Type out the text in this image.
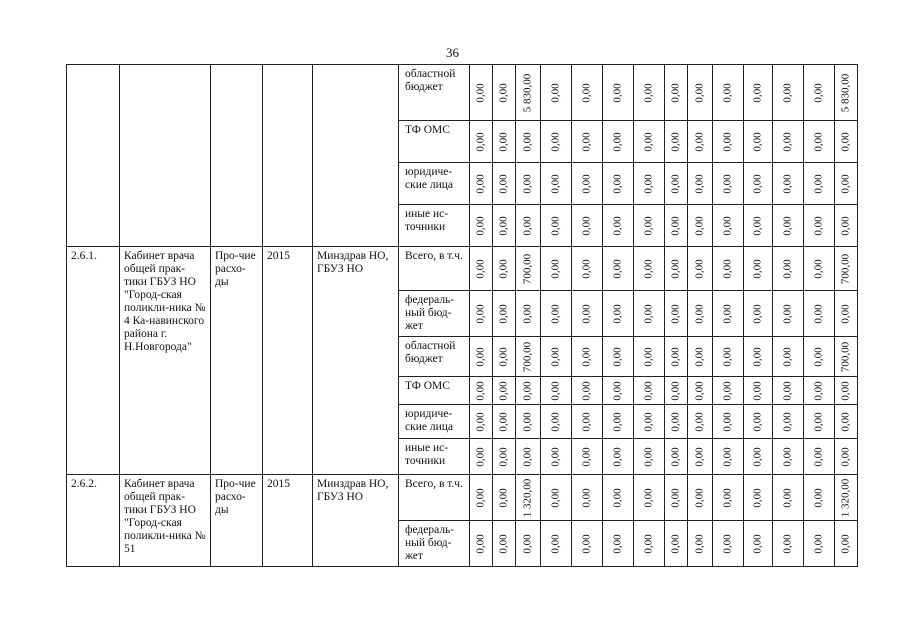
36
					областной бюджет	0,00	0,00	5 830,00	0,00	0,00	0,00	0,00	0,00	0,00	0,00	0,00	0,00	0,00	5 830,00

					ТФ ОМС	0,00	0,00	0,00	0,00	0,00	0,00	0,00	0,00	0,00	0,00	0,00	0,00	0,00	0,00

					юридиче-ские лица	0,00	0,00	0,00	0,00	0,00	0,00	0,00	0,00	0,00	0,00	0,00	0,00	0,00	0,00

					иные ис-точники	0,00	0,00	0,00	0,00	0,00	0,00	0,00	0,00	0,00	0,00	0,00	0,00	0,00	0,00

2.6.1.	Кабинет врача общей прак-тики ГБУЗ НО "Город-ская поликли-ника № 4 Ка-навинского района г. Н.Новгорода"	Про-чие расхо-ды	2015	Минздрав НО, ГБУЗ НО	Всего, в т.ч.	0,00	0,00	700,00	0,00	0,00	0,00	0,00	0,00	0,00	0,00	0,00	0,00	0,00	700,00

					федераль-ный бюд-жет	0,00	0,00	0,00	0,00	0,00	0,00	0,00	0,00	0,00	0,00	0,00	0,00	0,00	0,00

					областной бюджет	0,00	0,00	700,00	0,00	0,00	0,00	0,00	0,00	0,00	0,00	0,00	0,00	0,00	700,00

					ТФ ОМС	0,00	0,00	0,00	0,00	0,00	0,00	0,00	0,00	0,00	0,00	0,00	0,00	0,00	0,00

					юридиче-ские лица	0,00	0,00	0,00	0,00	0,00	0,00	0,00	0,00	0,00	0,00	0,00	0,00	0,00	0,00

					иные ис-точники	0,00	0,00	0,00	0,00	0,00	0,00	0,00	0,00	0,00	0,00	0,00	0,00	0,00	0,00

2.6.2.	Кабинет врача общей прак-тики ГБУЗ НО "Город-ская поликли-ника № 51	Про-чие расхо-ды	2015	Минздрав НО, ГБУЗ НО	Всего, в т.ч.	0,00	0,00	1 320,00	0,00	0,00	0,00	0,00	0,00	0,00	0,00	0,00	0,00	0,00	1 320,00

					федераль-ный бюд-жет	0,00	0,00	0,00	0,00	0,00	0,00	0,00	0,00	0,00	0,00	0,00	0,00	0,00	0,00
